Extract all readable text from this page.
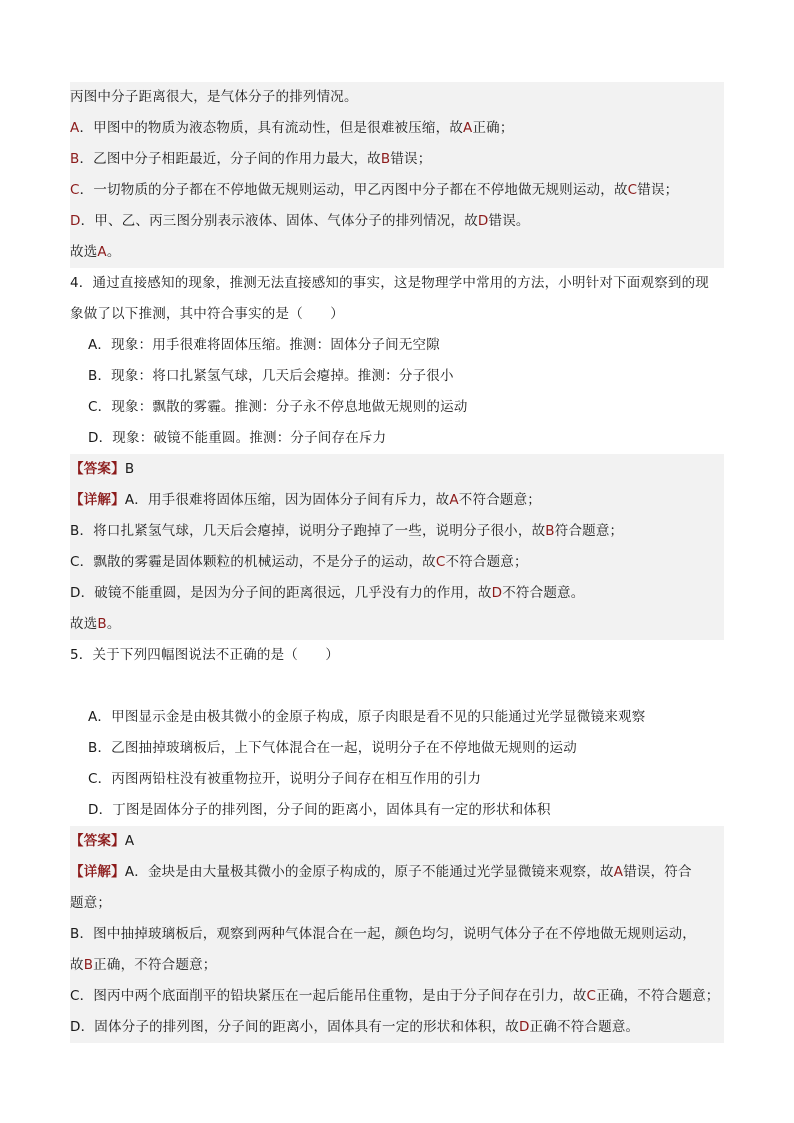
丙图中分子距离很大，是气体分子的排列情况。
A．甲图中的物质为液态物质，具有流动性，但是很难被压缩，故A正确；
B．乙图中分子相距最近，分子间的作用力最大，故B错误；
C．一切物质的分子都在不停地做无规则运动，甲乙丙图中分子都在不停地做无规则运动，故C错误；
D．甲、乙、丙三图分别表示液体、固体、气体分子的排列情况，故D错误。
故选A。
4．通过直接感知的现象，推测无法直接感知的事实，这是物理学中常用的方法，小明针对下面观察到的现
象做了以下推测，其中符合事实的是（　　）
A．现象：用手很难将固体压缩。推测：固体分子间无空隙
B．现象：将口扎紧氢气球，几天后会瘪掉。推测：分子很小
C．现象：飘散的雾霾。推测：分子永不停息地做无规则的运动
D．现象：破镜不能重圆。推测：分子间存在斥力
【答案】B
【详解】A．用手很难将固体压缩，因为固体分子间有斥力，故A不符合题意；
B．将口扎紧氢气球，几天后会瘪掉，说明分子跑掉了一些，说明分子很小，故B符合题意；
C．飘散的雾霾是固体颗粒的机械运动，不是分子的运动，故C不符合题意；
D．破镜不能重圆，是因为分子间的距离很远，几乎没有力的作用，故D不符合题意。
故选B。
5．关于下列四幅图说法不正确的是（　　）
A．甲图显示金是由极其微小的金原子构成，原子肉眼是看不见的只能通过光学显微镜来观察
B．乙图抽掉玻璃板后，上下气体混合在一起，说明分子在不停地做无规则的运动
C．丙图两铅柱没有被重物拉开，说明分子间存在相互作用的引力
D．丁图是固体分子的排列图，分子间的距离小，固体具有一定的形状和体积
【答案】A
【详解】A．金块是由大量极其微小的金原子构成的，原子不能通过光学显微镜来观察，故A错误，符合
题意；
B．图中抽掉玻璃板后，观察到两种气体混合在一起，颜色均匀，说明气体分子在不停地做无规则运动，
故B正确，不符合题意；
C．图丙中两个底面削平的铅块紧压在一起后能吊住重物，是由于分子间存在引力，故C正确，不符合题意；
D．固体分子的排列图，分子间的距离小，固体具有一定的形状和体积，故D正确不符合题意。
